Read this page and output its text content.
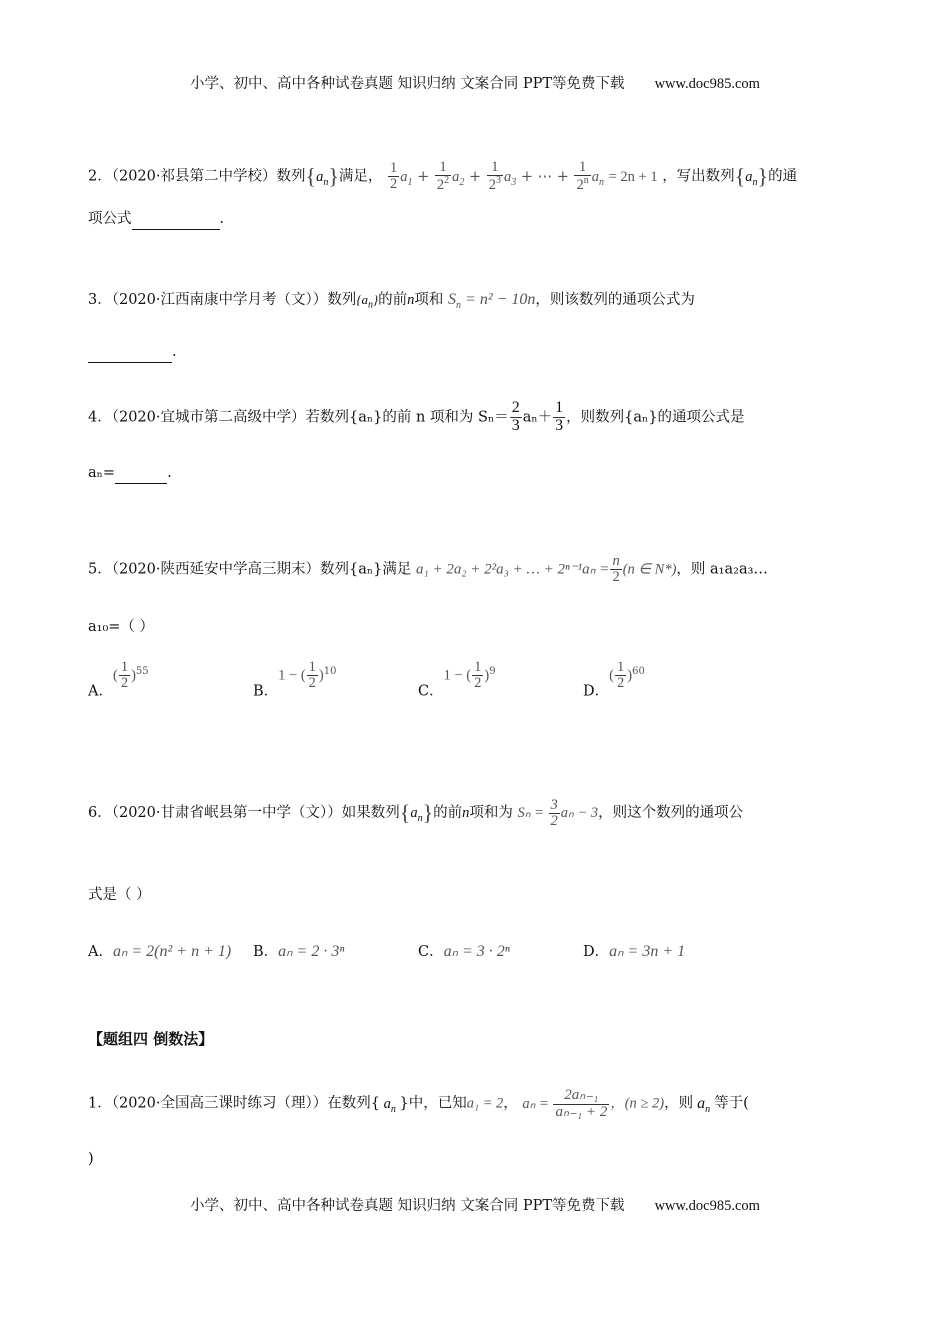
小学、初中、高中各种试卷真题 知识归纳 文案合同 PPT等免费下载 www.doc985.com
2．（2020·祁县第二中学校）数列$\{a_n\}$满足， $\frac{1}{2} a_1 + \frac{1}{2^2} a_2 + \frac{1}{2^3} a_3$ + ⋯ + $\frac{1}{2^n} a_n = 2n + 1$ ，写出数列$\{a_n\}$的通
项公式	.
3．（2020·江西南康中学月考（文））数列$\{a_n\}$的前n项和 $S_n = n^2 - 10n$，则该数列的通项公式为
.
4．（2020·宜城市第二高级中学）若数列{aₙ}的前 n 项和为 $S_n= \frac{2}{3} a_n+ \frac{1}{3}$ ，则数列{aₙ}的通项公式是
aₙ=	.
5．（2020·陕西延安中学高三期末）数列{aₙ}满足 a₁ + 2a₂ + 2²a₃ + … + $2^{n-1}a_n = \frac{n}{2} (n$ ∈ N*)，则 a₁a₂a₃…
a₁₀=（ ）
A．( $\frac{1}{2} )^{55}$
B．1 − ( $\frac{1}{2} )^{10}$
C．1 − ( $\frac{1}{2} )^9$
D．( $\frac{1}{2} )^{60}$
6．（2020·甘肃省岷县第一中学（文））如果数列$\{a_n\}$的前n项和为 $S_n = \frac{3}{2}$ aₙ − 3，则这个数列的通项公
式是（ ）
A．aₙ = 2(n² + n + 1) B．aₙ = 2 · 3ⁿ	C．aₙ = 3 · 2ⁿ	D．aₙ = 3n + 1
【题组四 倒数法】
1．（2020·全国高三课时练习（理））在数列{ $a_n$ }中，已知a₁ = 2， $a_n = \frac{\text{2aₙ₋₁}}{\text{aₙ₋₁ + 2}}$ ，(n ≥ 2)，则 $a_n$ 等于(
)
小学、初中、高中各种试卷真题 知识归纳 文案合同 PPT等免费下载 www.doc985.com
